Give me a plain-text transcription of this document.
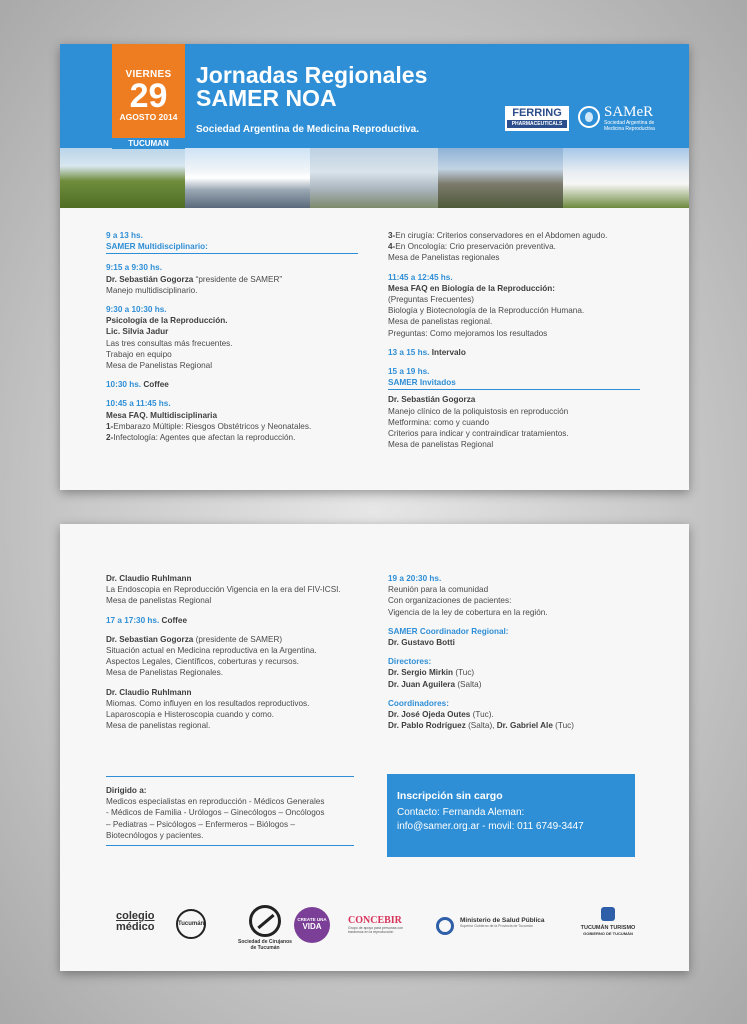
VIERNES
29
AGOSTO 2014
Jornadas Regionales
SAMER NOA
Sociedad Argentina de Medicina Reproductiva.
FERRING
PHARMACEUTICALS
SAMeR
Sociedad Argentina de
Medicina Reproductiva
TUCUMAN
9 a 13 hs.
SAMER Multidisciplinario:
9:15 a 9:30 hs.
Dr. Sebastián Gogorza “presidente de SAMER”
Manejo multidisciplinario.
9:30 a 10:30 hs.
Psicología de la Reproducción.
Lic. Silvia Jadur
Las tres consultas más frecuentes.
Trabajo en equipo
Mesa de Panelistas Regional
10:30 hs. Coffee
10:45 a 11:45 hs.
Mesa FAQ. Multidisciplinaria
1-Embarazo Múltiple: Riesgos Obstétricos y Neonatales.
2-Infectología: Agentes que afectan la reproducción.
3-En cirugía: Criterios conservadores en el Abdomen agudo.
4-En Oncología: Crio preservación preventiva.
Mesa de Panelistas regionales
11:45 a 12:45 hs.
Mesa FAQ en Biología de la Reproducción:
(Preguntas Frecuentes)
Biología y Biotecnología de la Reproducción Humana.
Mesa de panelistas regional.
Preguntas: Como mejoramos los resultados
13 a 15 hs. Intervalo
15 a 19 hs.
SAMER Invitados
Dr. Sebastián Gogorza
Manejo clínico de la poliquistosis en reproducción
Metformina: como y cuando
Criterios para indicar y contraindicar tratamientos.
Mesa de panelistas Regional
Dr. Claudio Ruhlmann
La Endoscopia en Reproducción Vigencia en la era del FIV-ICSI.
Mesa de panelistas Regional
17 a 17:30 hs. Coffee
Dr. Sebastian Gogorza (presidente de SAMER)
Situación actual en Medicina reproductiva en la Argentina.
Aspectos Legales, Científicos, coberturas y recursos.
Mesa de Panelistas Regionales.
Dr. Claudio Ruhlmann
Miomas. Como influyen en los resultados reproductivos.
Laparoscopia e Histeroscopia cuando y como.
Mesa de panelistas regional.
Dirigido a:
Medicos especialistas en reproducción - Médicos Generales
- Médicos de Familia - Urólogos – Ginecólogos – Oncólogos
– Pediatras – Psicólogos – Enfermeros – Biólogos –
Biotecnólogos y pacientes.
19 a 20:30 hs.
Reunión para la comunidad
Con organizaciones de pacientes:
Vigencia de la ley de cobertura en la región.
SAMER Coordinador Regional:
Dr. Gustavo Botti
Directores:
Dr. Sergio Mirkin (Tuc)
Dr. Juan Aguilera (Salta)
Coordinadores:
Dr. José Ojeda Outes (Tuc).
Dr. Pablo Rodríguez (Salta), Dr. Gabriel Ale (Tuc)
Inscripción sin cargo
Contacto: Fernanda Aleman:
info@samer.org.ar - movil: 011 6749-3447
colegio
médico	Tucumán
Sociedad de Cirujanos de Tucumán
CREATE UNA
VIDA
CONCEBIR
Grupo de apoyo para personas con trastornos en la reproducción
Ministerio de Salud Pública
Superior Gobierno de la Provincia de Tucumán	TUCUMÁN TURISMO
GOBIERNO DE TUCUMÁN
